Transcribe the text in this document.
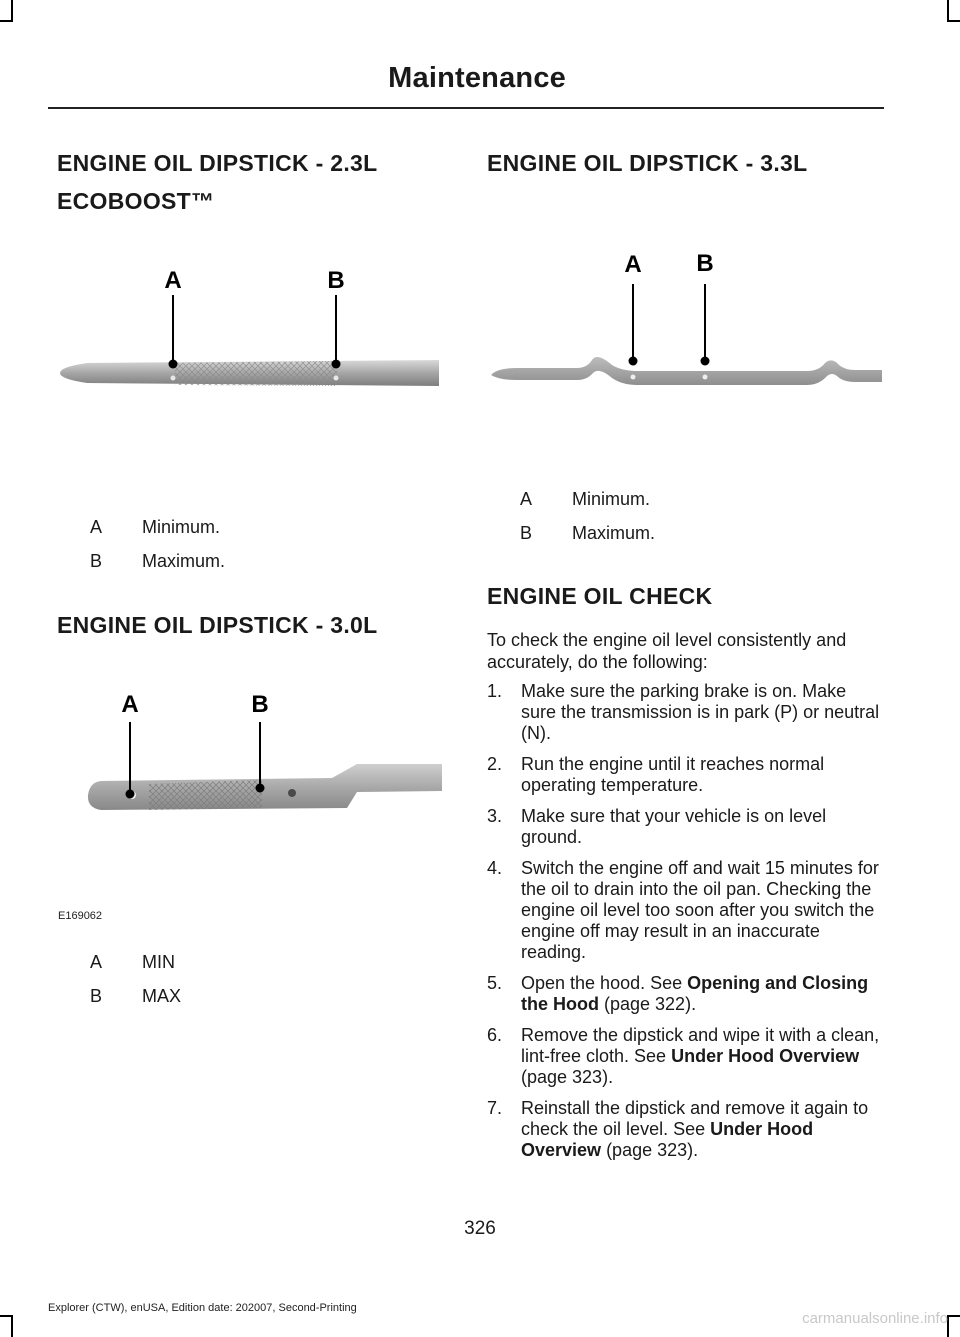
Maintenance
ENGINE OIL DIPSTICK - 2.3L
ECOBOOST™
A	B
A	Minimum.
B	Maximum.
ENGINE OIL DIPSTICK - 3.0L
A	B
E169062
A	MIN
B	MAX
ENGINE OIL DIPSTICK - 3.3L
A B
A	Minimum.
B	Maximum.
ENGINE OIL CHECK
To check the engine oil level consistently and accurately, do the following:
1.	Make sure the parking brake is on. Make sure the transmission is in park (P) or neutral (N).
2.	Run the engine until it reaches normal operating temperature.
3.	Make sure that your vehicle is on level ground.
4.	Switch the engine off and wait 15 minutes for the oil to drain into the oil pan. Checking the engine oil level too soon after you switch the engine off may result in an inaccurate reading.
5.	Open the hood. See Opening and Closing the Hood (page 322).
6.	Remove the dipstick and wipe it with a clean, lint-free cloth. See Under Hood Overview (page 323).
7.	Reinstall the dipstick and remove it again to check the oil level. See Under Hood Overview (page 323).
326
Explorer (CTW), enUSA, Edition date: 202007, Second-Printing
carmanualsonline.info
